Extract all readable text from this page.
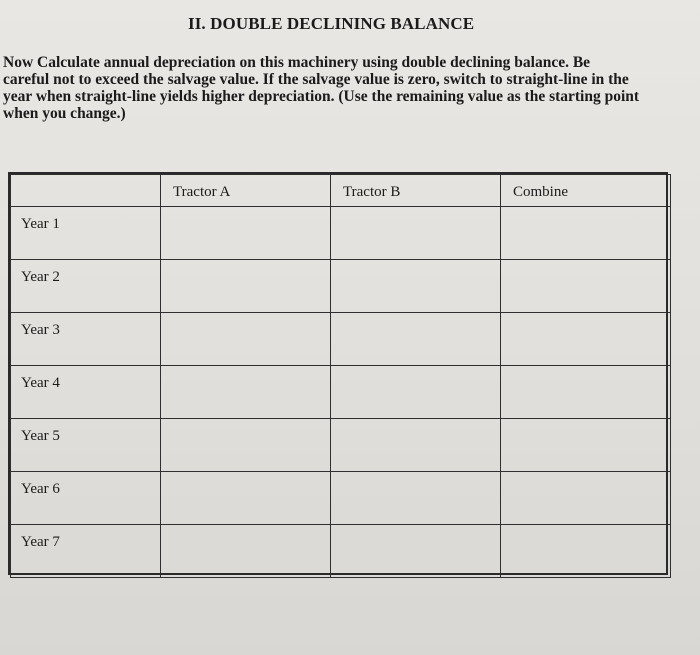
II. DOUBLE DECLINING BALANCE
Now Calculate annual depreciation on this machinery using double declining balance. Be
careful not to exceed the salvage value. If the salvage value is zero, switch to straight-line in the
year when straight-line yields higher depreciation. (Use the remaining value as the starting point
when you change.)
	Tractor A	Tractor B	Combine
Year 1			
Year 2			
Year 3			
Year 4			
Year 5			
Year 6			
Year 7			
